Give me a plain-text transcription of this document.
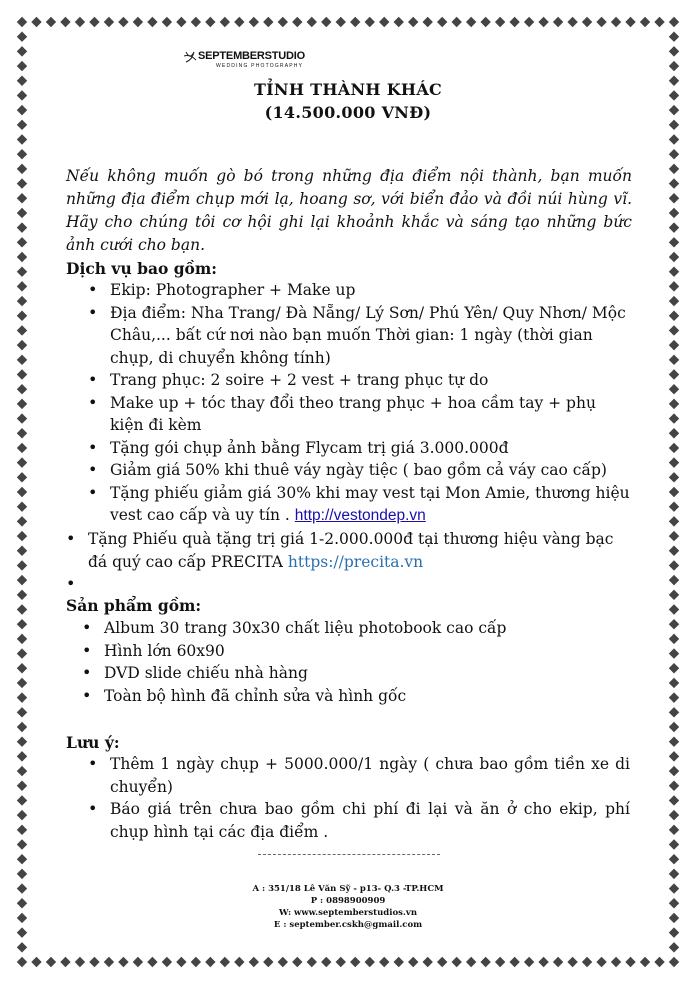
SEPTEMBERSTUDIO
WEDDING PHOTOGRAPHY
TỈNH THÀNH KHÁC
(14.500.000 VNĐ)
Nếu không muốn gò bó trong những địa điểm nội thành, bạn muốn những địa điểm chụp mới lạ, hoang sơ, với biển đảo và đồi núi hùng vĩ. Hãy cho chúng tôi cơ hội ghi lại khoảnh khắc và sáng tạo những bức ảnh cưới cho bạn.
Dịch vụ bao gồm:
• Ekip: Photographer + Make up
• Địa điểm: Nha Trang/ Đà Nẵng/ Lý Sơn/ Phú Yên/ Quy Nhơn/ Mộc Châu,... bất cứ nơi nào bạn muốn Thời gian: 1 ngày (thời gian chụp, di chuyển không tính)
• Trang phục: 2 soire + 2 vest + trang phục tự do
• Make up + tóc thay đổi theo trang phục + hoa cầm tay + phụ kiện đi kèm
• Tặng gói chụp ảnh bằng Flycam trị giá 3.000.000đ
• Giảm giá 50% khi thuê váy ngày tiệc ( bao gồm cả váy cao cấp)
• Tặng phiếu giảm giá 30% khi may vest tại Mon Amie, thương hiệu vest cao cấp và uy tín . http://vestondep.vn
• Tặng Phiếu quà tặng trị giá 1-2.000.000đ tại thương hiệu vàng bạc đá quý cao cấp PRECITA https://precita.vn
•
Sản phẩm gồm:
• Album 30 trang 30x30 chất liệu photobook cao cấp
• Hình lớn 60x90
• DVD slide chiếu nhà hàng
• Toàn bộ hình đã chỉnh sửa và hình gốc
Lưu ý:
• Thêm 1 ngày chụp + 5000.000/1 ngày ( chưa bao gồm tiền xe di chuyển)
• Báo giá trên chưa bao gồm chi phí đi lại và ăn ở cho ekip, phí chụp hình tại các địa điểm .
A : 351/18 Lê Văn Sỹ - p13- Q.3 -TP.HCM
P : 0898900909
W: www.septemberstudios.vn
E : september.cskh@gmail.com
